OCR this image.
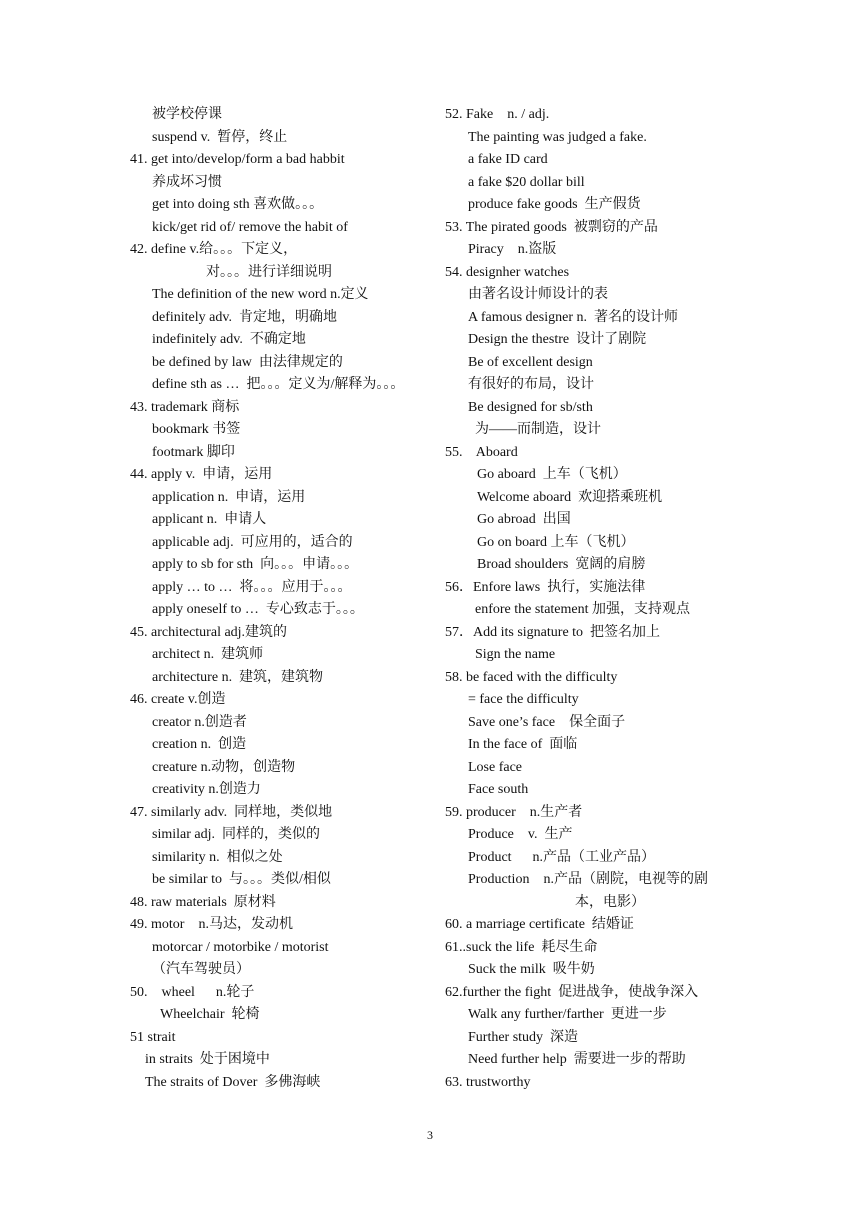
被学校停课
suspend v.  暂停，终止
41. get into/develop/form a bad habbit
养成坏习惯
get into doing sth 喜欢做。。。
kick/get rid of/ remove the habit of
42. define v.给。。。下定义，
对。。。进行详细说明
The definition of the new word n.定义
definitely adv.  肯定地，明确地
indefinitely adv.  不确定地
be defined by law  由法律规定的
define sth as …  把。。。定义为/解释为。。。
43. trademark 商标
bookmark 书签
footmark 脚印
44. apply v.  申请，运用
application n.  申请，运用
applicant n.  申请人
applicable adj.  可应用的，适合的
apply to sb for sth  向。。。申请。。。
apply … to …  将。。。应用于。。。
apply oneself to …  专心致志于。。。
45. architectural adj.建筑的
architect n.  建筑师
architecture n.  建筑，建筑物
46. create v.创造
creator n.创造者
creation n.  创造
creature n.动物，创造物
creativity n.创造力
47. similarly adv.  同样地，类似地
similar adj.  同样的，类似的
similarity n.  相似之处
be similar to  与。。。类似/相似
48. raw materials  原材料
49. motor    n.马达，发动机
motorcar / motorbike / motorist
（汽车驾驶员）
50.    wheel      n.轮子
Wheelchair  轮椅
51 strait
in straits  处于困境中
The straits of Dover  多佛海峡
52. Fake    n. / adj.
The painting was judged a fake.
a fake ID card
a fake $20 dollar bill
produce fake goods  生产假货
53. The pirated goods  被剽窃的产品
Piracy    n.盗版
54. designher watches
由著名设计师设计的表
A famous designer n.  著名的设计师
Design the thestre  设计了剧院
Be of excellent design
有很好的布局，设计
Be designed for sb/sth
为——而制造，设计
55.    Aboard
Go aboard  上车（飞机）
Welcome aboard  欢迎搭乘班机
Go abroad  出国
Go on board 上车（飞机）
Broad shoulders  宽阔的肩膀
56．Enfore laws  执行，实施法律
enfore the statement 加强，支持观点
57．Add its signature to  把签名加上
Sign the name
58. be faced with the difficulty
= face the difficulty
Save one’s face    保全面子
In the face of  面临
Lose face
Face south
59. producer    n.生产者
Produce    v.  生产
Product      n.产品（工业产品）
Production    n.产品（剧院，电视等的剧
本，电影）
60. a marriage certificate  结婚证
61..suck the life  耗尽生命
Suck the milk  吸牛奶
62.further the fight  促进战争，使战争深入
Walk any further/farther  更进一步
Further study  深造
Need further help  需要进一步的帮助
63. trustworthy
3
